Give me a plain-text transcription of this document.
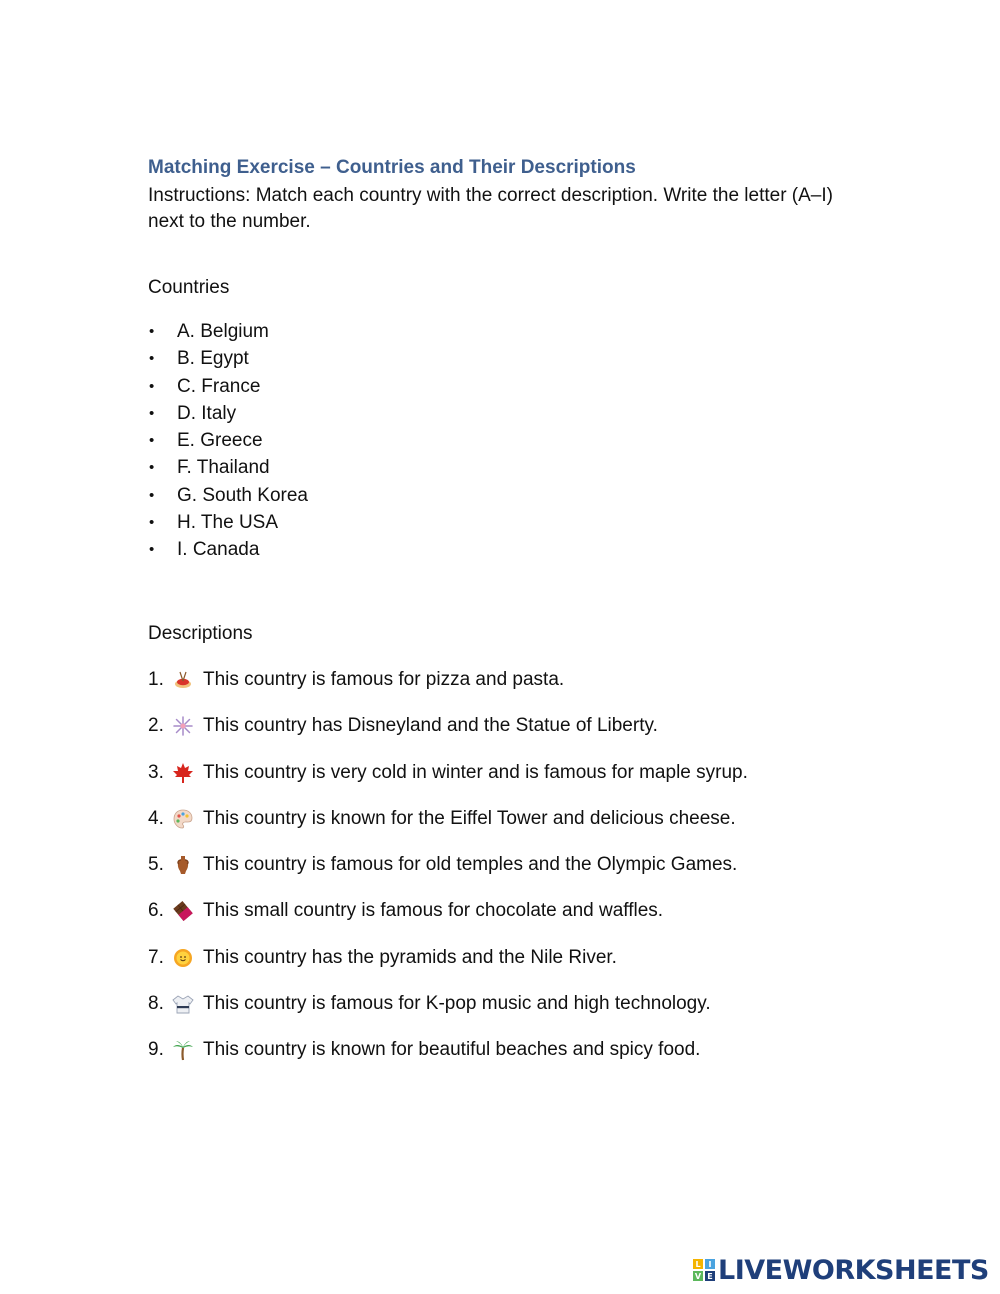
Matching Exercise – Countries and Their Descriptions
Instructions: Match each country with the correct description. Write the letter (A–I) next to the number.
Countries
• A. Belgium
• B. Egypt
• C. France
• D. Italy
• E. Greece
• F. Thailand
• G. South Korea
• H. The USA
• I. Canada
Descriptions
1.	This country is famous for pizza and pasta.
2.	This country has Disneyland and the Statue of Liberty.
3.	This country is very cold in winter and is famous for maple syrup.
4.	This country is known for the Eiffel Tower and delicious cheese.
5.	This country is famous for old temples and the Olympic Games.
6.	This small country is famous for chocolate and waffles.
7.	This country has the pyramids and the Nile River.
8.	This country is famous for K-pop music and high technology.
9.	This country is known for beautiful beaches and spicy food.
L I
V E LIVEWORKSHEETS
